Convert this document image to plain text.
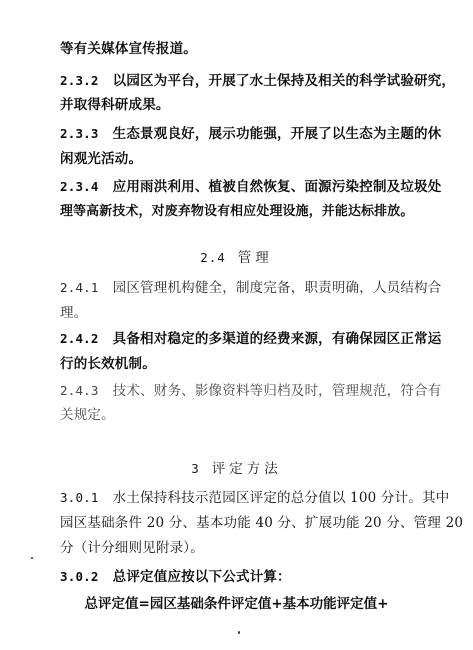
等有关媒体宣传报道。
2.3.2 以园区为平台，开展了水土保持及相关的科学试验研究，
并取得科研成果。
2.3.3 生态景观良好，展示功能强，开展了以生态为主题的休
闲观光活动。
2.3.4 应用雨洪利用、植被自然恢复、面源污染控制及垃圾处
理等高新技术，对废弃物设有相应处理设施，并能达标排放。
2.4 管理
2.4.1 园区管理机构健全，制度完备，职责明确，人员结构合
理。
2.4.2 具备相对稳定的多渠道的经费来源，有确保园区正常运
行的长效机制。
2.4.3 技术、财务、影像资料等归档及时，管理规范，符合有
关规定。
3 评定方法
3.0.1 水土保持科技示范园区评定的总分值以 100 分计。其中
园区基础条件 20 分、基本功能 40 分、扩展功能 20 分、管理 20
分（计分细则见附录）。
3.0.2 总评定值应按以下公式计算：
总评定值=园区基础条件评定值+基本功能评定值+
